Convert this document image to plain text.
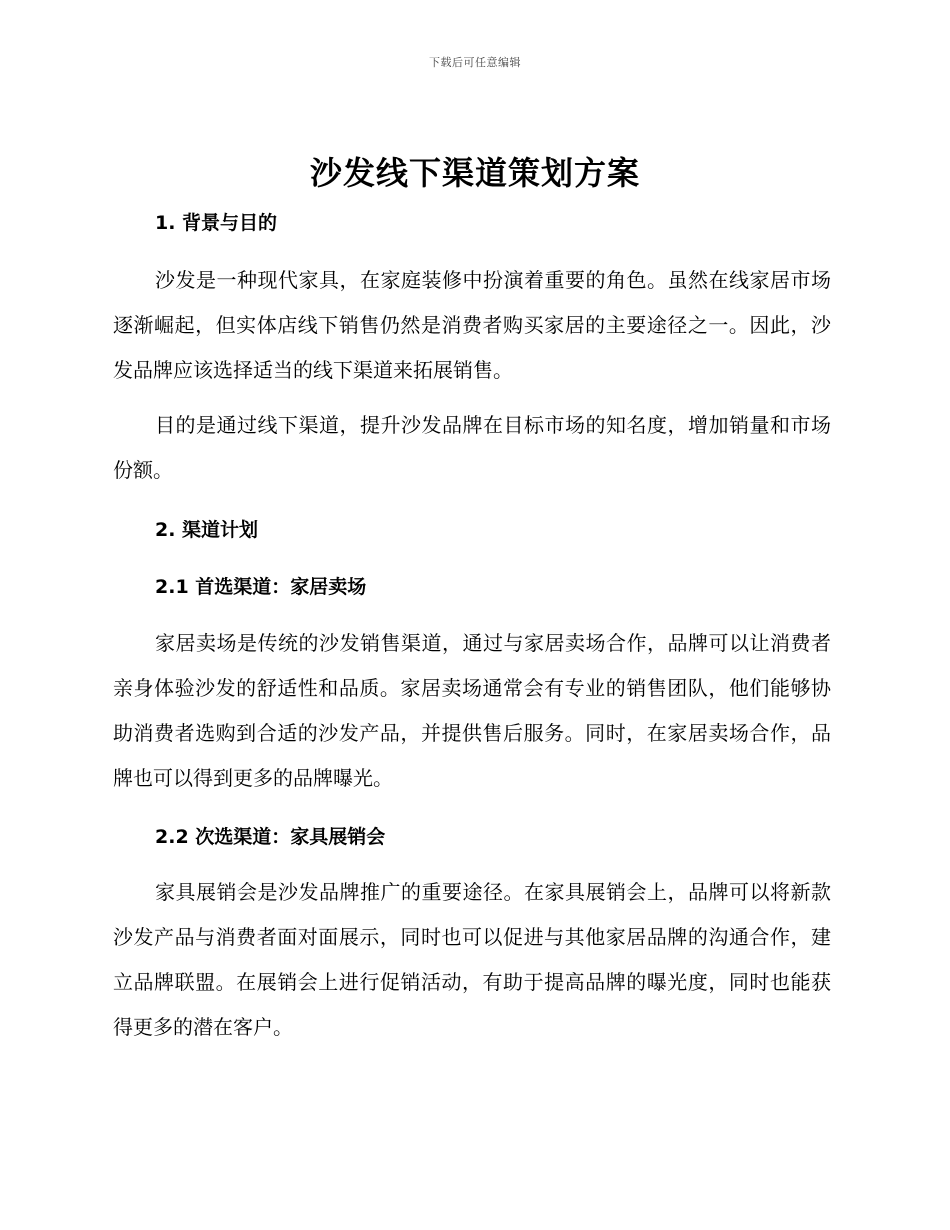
下载后可任意编辑
沙发线下渠道策划方案
1. 背景与目的

沙发是一种现代家具，在家庭装修中扮演着重要的角色。虽然在线家居市场逐渐崛起，但实体店线下销售仍然是消费者购买家居的主要途径之一。因此，沙发品牌应该选择适当的线下渠道来拓展销售。

目的是通过线下渠道，提升沙发品牌在目标市场的知名度，增加销量和市场份额。

2. 渠道计划
2.1 首选渠道：家居卖场

家居卖场是传统的沙发销售渠道，通过与家居卖场合作，品牌可以让消费者亲身体验沙发的舒适性和品质。家居卖场通常会有专业的销售团队，他们能够协助消费者选购到合适的沙发产品，并提供售后服务。同时，在家居卖场合作，品牌也可以得到更多的品牌曝光。

2.2 次选渠道：家具展销会

家具展销会是沙发品牌推广的重要途径。在家具展销会上，品牌可以将新款沙发产品与消费者面对面展示，同时也可以促进与其他家居品牌的沟通合作，建立品牌联盟。在展销会上进行促销活动，有助于提高品牌的曝光度，同时也能获得更多的潜在客户。
